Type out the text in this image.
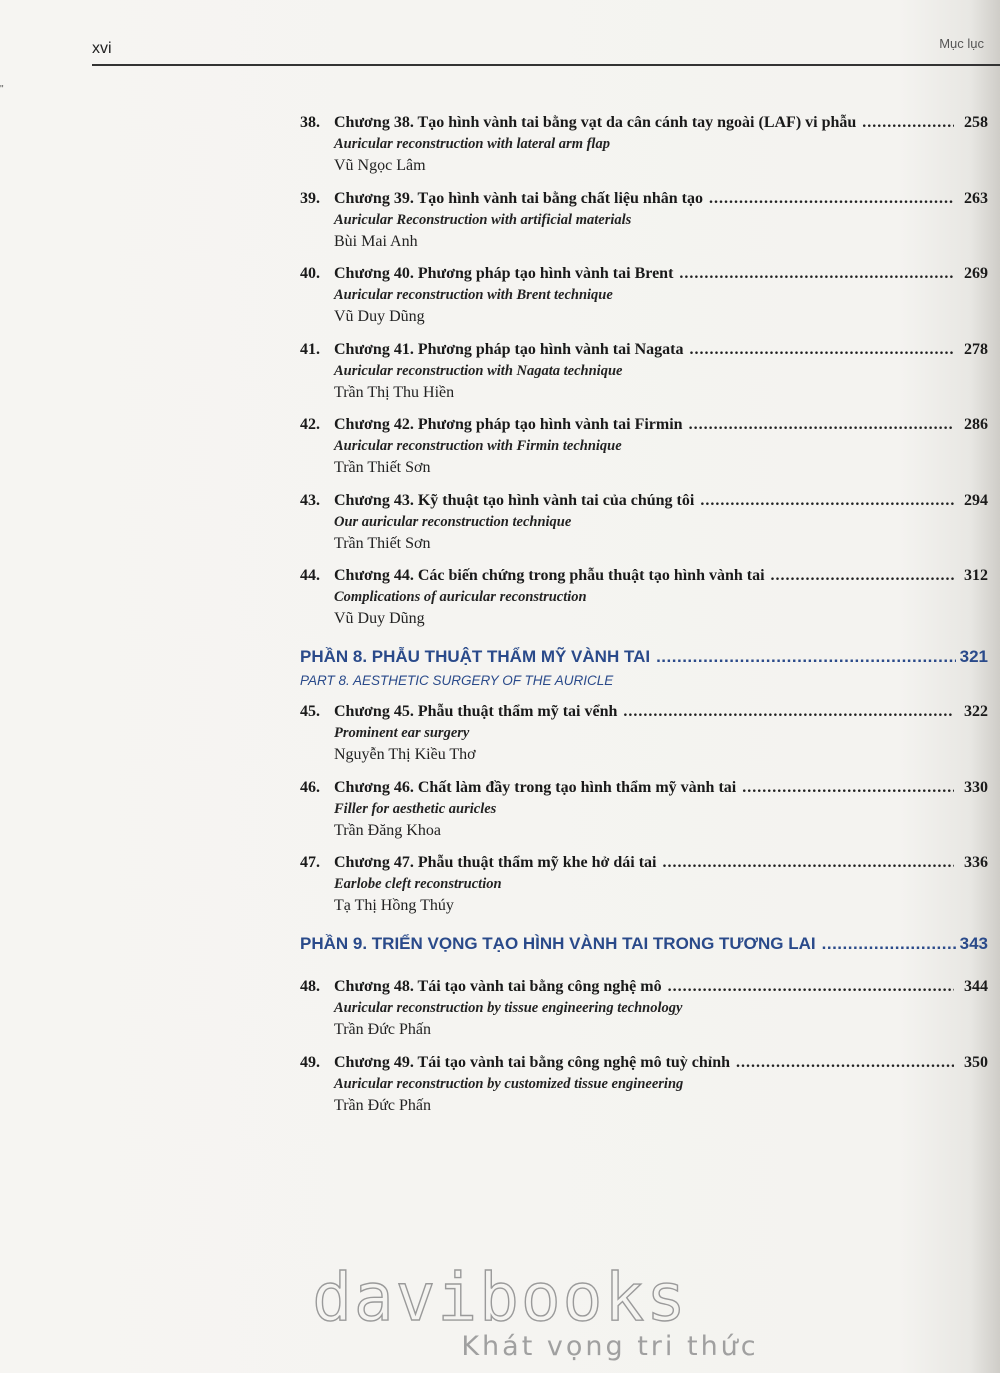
"
xvi	Mục lục
38. Chương 38. Tạo hình vành tai bằng vạt da cân cánh tay ngoài (LAF) vi phẫu .....	258
Auricular reconstruction with lateral arm flap
Vũ Ngọc Lâm
39. Chương 39. Tạo hình vành tai bằng chất liệu nhân tạo .....	263
Auricular Reconstruction with artificial materials
Bùi Mai Anh
40. Chương 40. Phương pháp tạo hình vành tai Brent .....	269
Auricular reconstruction with Brent technique
Vũ Duy Dũng
41. Chương 41. Phương pháp tạo hình vành tai Nagata .....	278
Auricular reconstruction with Nagata technique
Trần Thị Thu Hiền
42. Chương 42. Phương pháp tạo hình vành tai Firmin .....	286
Auricular reconstruction with Firmin technique
Trần Thiết Sơn
43. Chương 43. Kỹ thuật tạo hình vành tai của chúng tôi .....	294
Our auricular reconstruction technique
Trần Thiết Sơn
44. Chương 44. Các biến chứng trong phẫu thuật tạo hình vành tai .....	312
Complications of auricular reconstruction
Vũ Duy Dũng
PHẦN 8. PHẪU THUẬT THẨM MỸ VÀNH TAI .....	321
PART 8. AESTHETIC SURGERY OF THE AURICLE
45. Chương 45. Phẫu thuật thẩm mỹ tai vểnh .....	322
Prominent ear surgery
Nguyễn Thị Kiều Thơ
46. Chương 46. Chất làm đầy trong tạo hình thẩm mỹ vành tai .....	330
Filler for aesthetic auricles
Trần Đăng Khoa
47. Chương 47. Phẫu thuật thẩm mỹ khe hở dái tai .....	336
Earlobe cleft reconstruction
Tạ Thị Hồng Thúy
PHẦN 9. TRIỂN VỌNG TẠO HÌNH VÀNH TAI TRONG TƯƠNG LAI .....	343
48. Chương 48. Tái tạo vành tai bằng công nghệ mô .....	344
Auricular reconstruction by tissue engineering technology
Trần Đức Phấn
49. Chương 49. Tái tạo vành tai bằng công nghệ mô tuỳ chỉnh .....	350
Auricular reconstruction by customized tissue engineering
Trần Đức Phấn
davibooks
Khát vọng tri thức
